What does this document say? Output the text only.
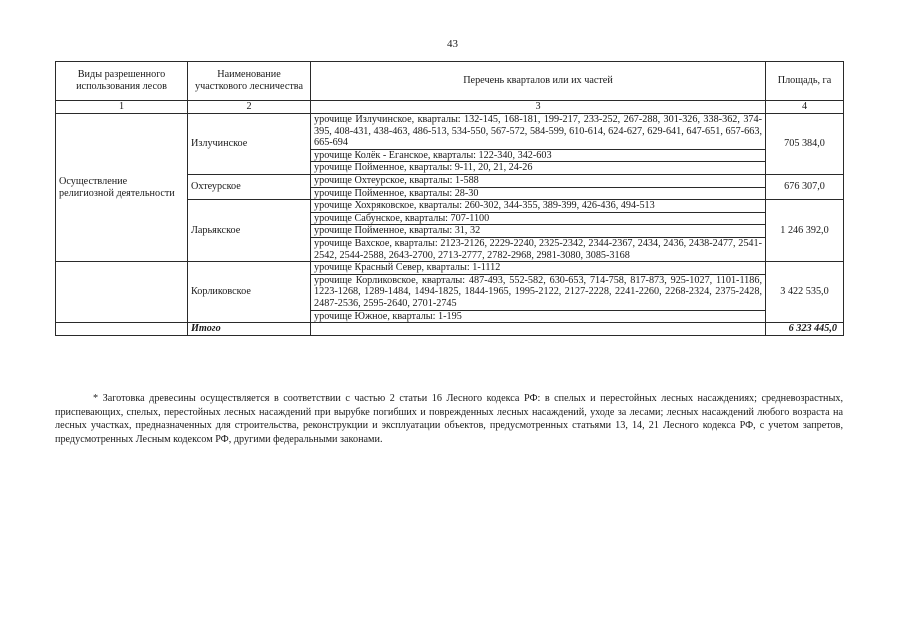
43
Виды разрешенного использования лесов	Наименование участкового лесничества	Перечень кварталов или их частей	Площадь, га
1	2	3	4
Осуществление религиозной деятельности	Излучинское	урочище Излучинское, кварталы: 132-145, 168-181, 199-217, 233-252, 267-288, 301-326, 338-362, 374-395, 408-431, 438-463, 486-513, 534-550, 567-572, 584-599, 610-614, 624-627, 629-641, 647-651, 657-663, 665-694	705 384,0
		урочище Колёк - Еганское, кварталы: 122-340, 342-603	
		урочище Пойменное, кварталы: 9-11, 20, 21, 24-26	
	Охтеурское	урочище Охтеурское, кварталы: 1-588	676 307,0
		урочище Пойменное, кварталы: 28-30	
	Ларьякское	урочище Хохряковское, кварталы: 260-302, 344-355, 389-399, 426-436, 494-513	1 246 392,0
		урочище Сабунское, кварталы: 707-1100	
		урочище Пойменное, кварталы: 31, 32	
		урочище Вахское, кварталы: 2123-2126, 2229-2240, 2325-2342, 2344-2367, 2434, 2436, 2438-2477, 2541-2542, 2544-2588, 2643-2700, 2713-2777, 2782-2968, 2981-3080, 3085-3168	
	Корликовское	урочище Красный Север, кварталы: 1-1112	3 422 535,0
		урочище Корликовское, кварталы: 487-493, 552-582, 630-653, 714-758, 817-873, 925-1027, 1101-1186, 1223-1268, 1289-1484, 1494-1825, 1844-1965, 1995-2122, 2127-2228, 2241-2260, 2268-2324, 2375-2428, 2487-2536, 2595-2640, 2701-2745	
		урочище Южное, кварталы: 1-195	
	Итого		6 323 445,0
* Заготовка древесины осуществляется в соответствии с частью 2 статьи 16 Лесного кодекса РФ: в спелых и перестойных лесных насаждениях; средневозрастных, приспевающих, спелых, перестойных лесных насаждений при вырубке погибших и поврежденных лесных насаждений, уходе за лесами; лесных насаждений любого возраста на лесных участках, предназначенных для строительства, реконструкции и эксплуатации объектов, предусмотренных статьями 13, 14, 21 Лесного кодекса РФ, с учетом запретов, предусмотренных Лесным кодексом РФ, другими федеральными законами.
